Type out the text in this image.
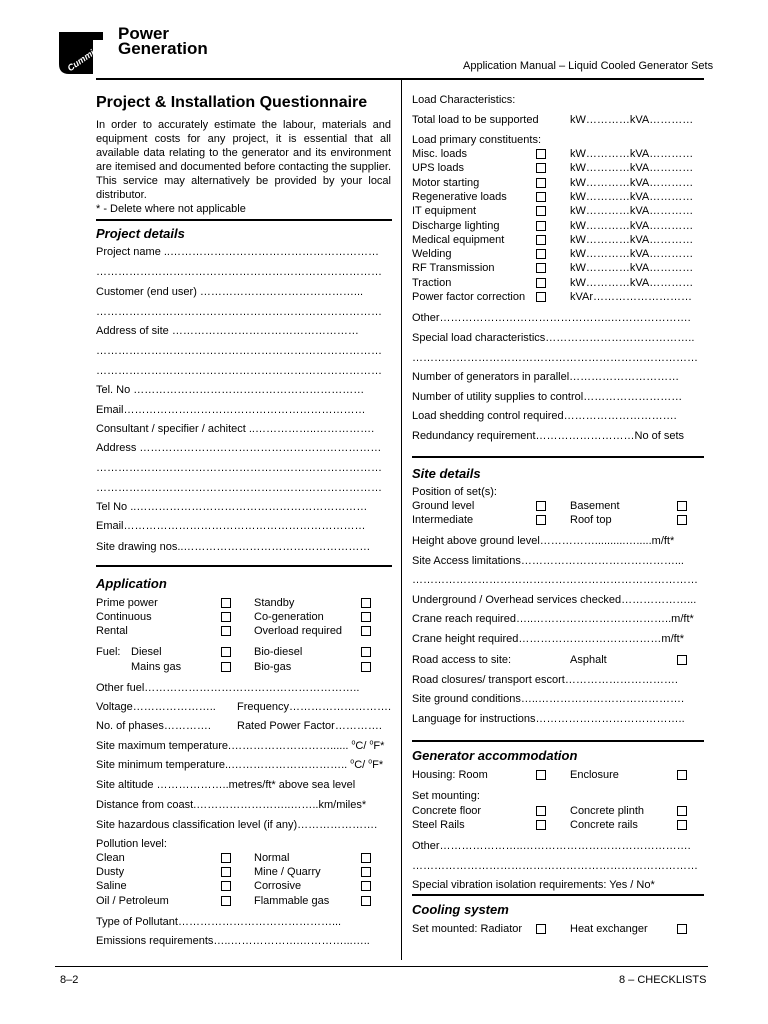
Cummins
Power
Generation
Application Manual – Liquid Cooled Generator Sets
Project & Installation Questionnaire
In order to accurately estimate the labour, materials and equipment costs for any project, it is essential that all available data relating to the generator and its environment are itemised and documented before contacting the supplier. This service may alternatively be provided by your local distributor.
* - Delete where not applicable
Project details
Project name ..…………………………………………………
……………………………………………………………………
Customer (end user) ……………………………………...
……………………………………………………………………
Address of site ……………………………………………
……………………………………………………………………
……………………………………………………………………
Tel. No ………………………………………………………
Email…………………………………………………………
Consultant / specifier / achitect ..……………..…………….
Address …………………………………………………………
……………………………………………………………………
……………………………………………………………………
Tel No ..………………………………………………………
Email…………………………………………………………
Site drawing nos..……………………………………………
Application
Prime power	Standby
Continuous	Co-generation
Rental	Overload required
Fuel: Diesel	Bio-diesel
Mains gas	Bio-gas
Other fuel…………………………………………………..
Voltage………………….. Frequency……………………….
No. of phases…………. Rated Power Factor………….
Site maximum temperature.………………………...... $^o$C/ $^o$F*
Site minimum temperature..………………………….. $^o$C/ $^o$F*
Site altitude ………………..metres/ft* above sea level
Distance from coast.……………………..……..km/miles*
Site hazardous classification level (if any)………………….
Pollution level:
Clean	Normal
Dusty	Mine / Quarry
Saline	Corrosive
Oil / Petroleum	Flammable gas
Type of Pollutant……………………………………...
Emissions requirements…..……………….…………...…..
Load Characteristics:
Total load to be supported	kW…………kVA…………
Load primary constituents:
Misc. loads	kW…………kVA…………
UPS loads	kW…………kVA…………
Motor starting	kW…………kVA…………
Regenerative loads	kW…………kVA…………
IT equipment	kW…………kVA…………
Discharge lighting	kW…………kVA…………
Medical equipment	kW…………kVA…………
Welding	kW…………kVA…………
RF Transmission	kW…………kVA…………
Traction	kW…………kVA…………
Power factor correction	kVAr………………………
Other………………………………………..………………….
Special load characteristics…………………………………..
……………………………………………………………………
Number of generators in parallel…………………………
Number of utility supplies to control………………………
Load shedding control required………………………….
Redundancy requirement………………………No of sets
Site details
Position of set(s):
Ground level	Basement
Intermediate	Roof top
Height above ground level……………..........….....m/ft*
Site Access limitations……………………………………...
……………………………………………………………………
Underground / Overhead services checked………………...
Crane reach required…..………………………………..m/ft*
Crane height required…………………………………m/ft*
Road access to site:	Asphalt
Road closures/ transport escort………………………….
Site ground conditions…..………………………………….
Language for instructions…………………………………..
Generator accommodation
Housing: Room	Enclosure
Set mounting:
Concrete floor	Concrete plinth
Steel Rails	Concrete rails
Other…………………..……………………………………….
……………………………………………………………………
Special vibration isolation requirements: Yes / No*
Cooling system
Set mounted: Radiator	Heat exchanger
8–2	8 – CHECKLISTS
